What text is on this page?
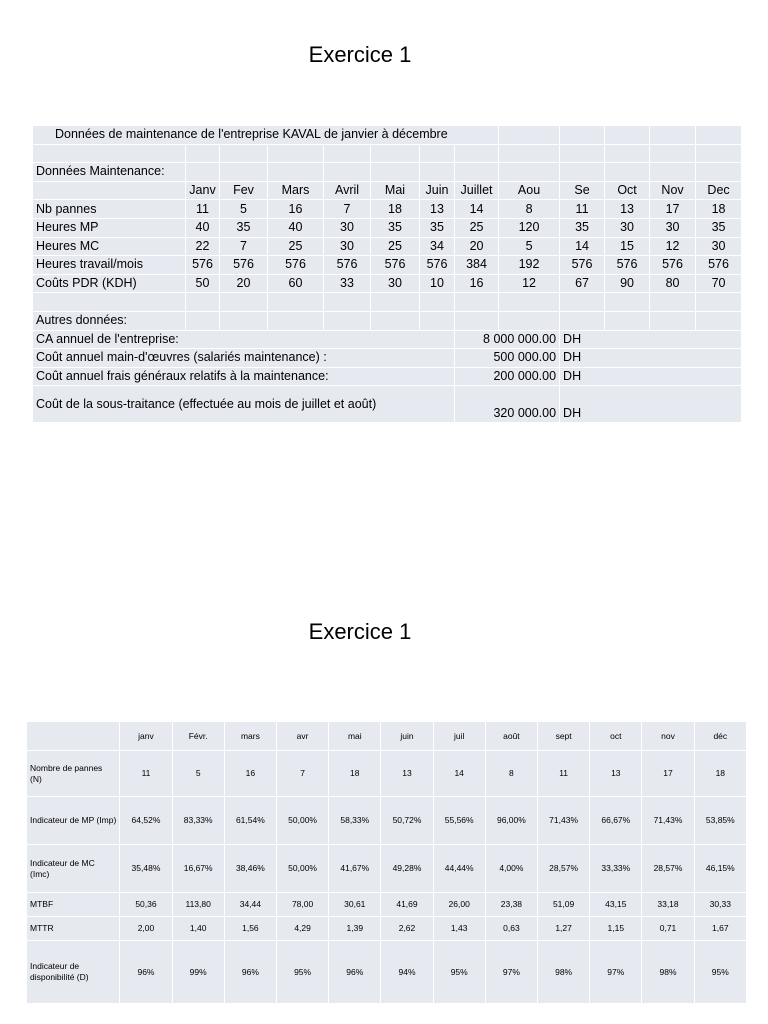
Exercice 1
Données de maintenance de l'entreprise KAVAL de janvier à décembre												

Données Maintenance:												
	Janv	Fev	Mars	Avril	Mai	Juin	Juillet	Aou	Se	Oct	Nov	Dec
Nb pannes	11	5	16	7	18	13	14	8	11	13	17	18
Heures MP	40	35	40	30	35	35	25	120	35	30	30	35
Heures MC	22	7	25	30	25	34	20	5	14	15	12	30
Heures travail/mois	576	576	576	576	576	576	384	192	576	576	576	576
Coûts PDR (KDH)	50	20	60	33	30	10	16	12	67	90	80	70

Autres données:												
CA annuel de l'entreprise:							8 000 000.00		DH			
Coût annuel main-d'œuvres (salariés maintenance) :							500 000.00		DH			
Coût annuel frais généraux relatifs à la maintenance:							200 000.00		DH			
Coût de la sous-traitance (effectuée au mois de juillet et août)							320 000.00		DH			
Exercice 1
	janv	Févr.	mars	avr	mai	juin	juil	août	sept	oct	nov	déc
Nombre de pannes (N)	11	5	16	7	18	13	14	8	11	13	17	18
Indicateur de MP (Imp)	64,52%	83,33%	61,54%	50,00%	58,33%	50,72%	55,56%	96,00%	71,43%	66,67%	71,43%	53,85%
Indicateur de MC (Imc)	35,48%	16,67%	38,46%	50,00%	41,67%	49,28%	44,44%	4,00%	28,57%	33,33%	28,57%	46,15%
MTBF	50,36	113,80	34,44	78,00	30,61	41,69	26,00	23,38	51,09	43,15	33,18	30,33
MTTR	2,00	1,40	1,56	4,29	1,39	2,62	1,43	0,63	1,27	1,15	0,71	1,67
Indicateur de disponibilité (D)	96%	99%	96%	95%	96%	94%	95%	97%	98%	97%	98%	95%
